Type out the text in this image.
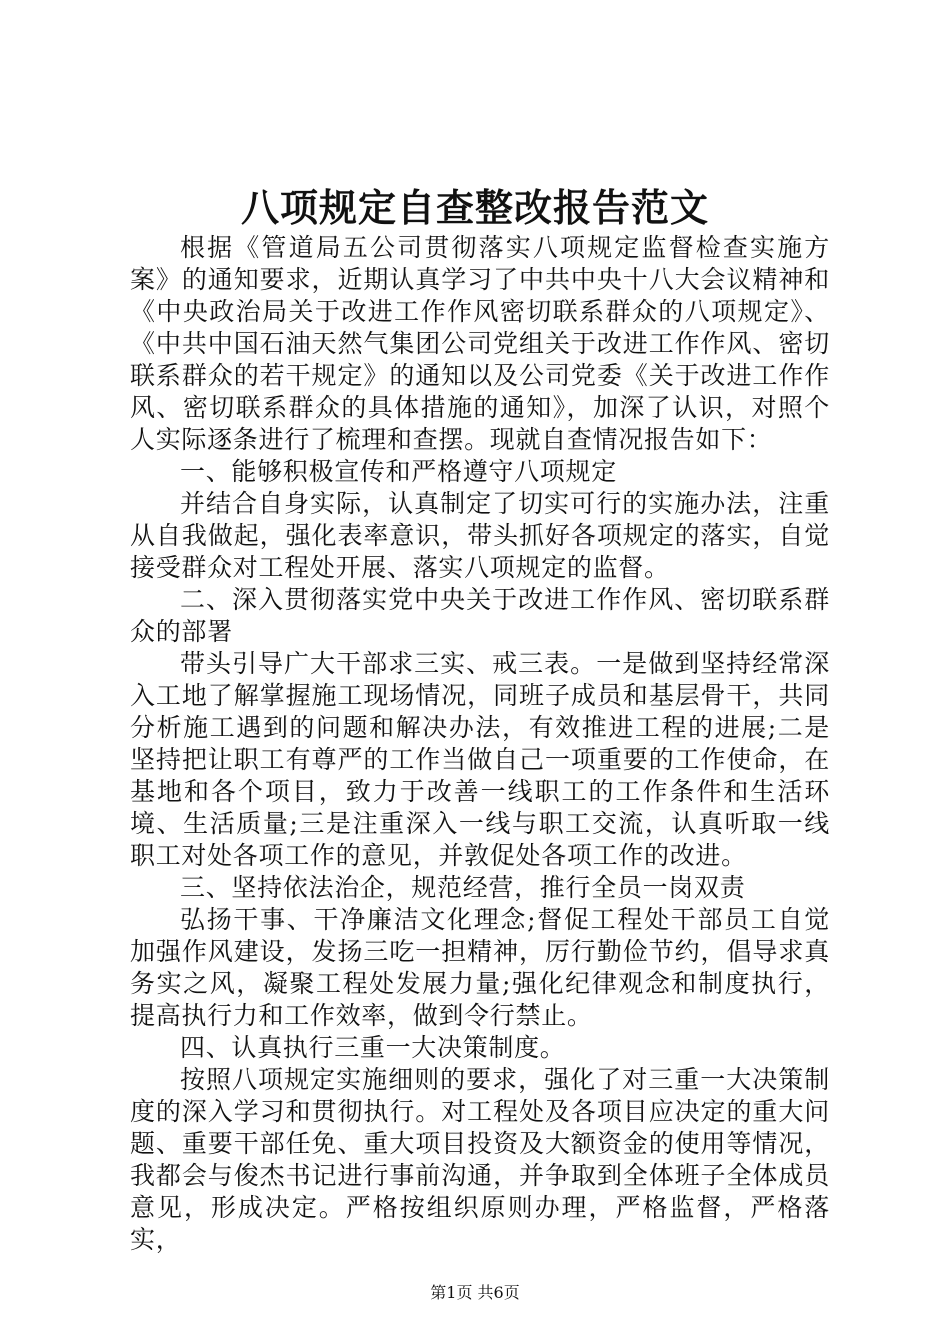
八项规定自查整改报告范文

根据《管道局五公司贯彻落实八项规定监督检查实施方案》的通知要求，近期认真学习了中共中央十八大会议精神和《中央政治局关于改进工作作风密切联系群众的八项规定》、《中共中国石油天然气集团公司党组关于改进工作作风、密切联系群众的若干规定》的通知以及公司党委《关于改进工作作风、密切联系群众的具体措施的通知》，加深了认识，对照个人实际逐条进行了梳理和查摆。现就自查情况报告如下：

一、能够积极宣传和严格遵守八项规定

并结合自身实际，认真制定了切实可行的实施办法，注重从自我做起，强化表率意识，带头抓好各项规定的落实，自觉接受群众对工程处开展、落实八项规定的监督。

二、深入贯彻落实党中央关于改进工作作风、密切联系群众的部署

带头引导广大干部求三实、戒三表。一是做到坚持经常深入工地了解掌握施工现场情况，同班子成员和基层骨干，共同分析施工遇到的问题和解决办法，有效推进工程的进展;二是坚持把让职工有尊严的工作当做自己一项重要的工作使命，在基地和各个项目，致力于改善一线职工的工作条件和生活环境、生活质量;三是注重深入一线与职工交流，认真听取一线职工对处各项工作的意见，并敦促处各项工作的改进。

三、坚持依法治企，规范经营，推行全员一岗双责

弘扬干事、干净廉洁文化理念;督促工程处干部员工自觉加强作风建设，发扬三吃一担精神，厉行勤俭节约，倡导求真务实之风，凝聚工程处发展力量;强化纪律观念和制度执行，提高执行力和工作效率，做到令行禁止。

四、认真执行三重一大决策制度。

按照八项规定实施细则的要求，强化了对三重一大决策制度的深入学习和贯彻执行。对工程处及各项目应决定的重大问题、重要干部任免、重大项目投资及大额资金的使用等情况，我都会与俊杰书记进行事前沟通，并争取到全体班子全体成员意见，形成决定。严格按组织原则办理，严格监督，严格落实，

第1页 共6页
